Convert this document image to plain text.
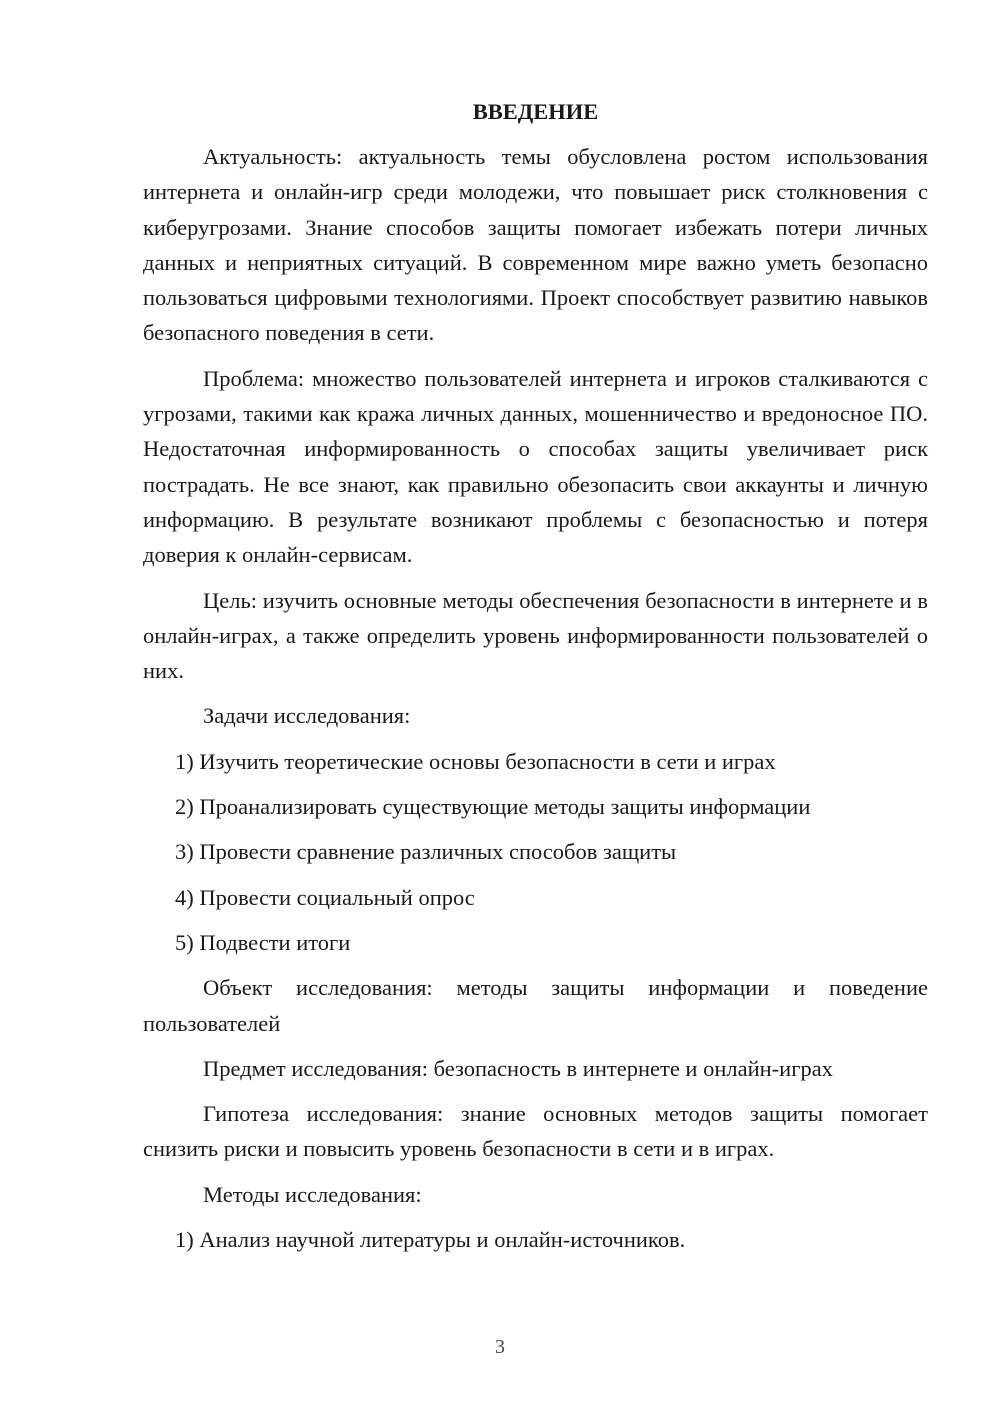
ВВЕДЕНИЕ

Актуальность: актуальность темы обусловлена ростом использования интернета и онлайн-игр среди молодежи, что повышает риск столкновения с киберугрозами. Знание способов защиты помогает избежать потери личных данных и неприятных ситуаций. В современном мире важно уметь безопасно пользоваться цифровыми технологиями. Проект способствует развитию навыков безопасного поведения в сети.

Проблема: множество пользователей интернета и игроков сталкиваются с угрозами, такими как кража личных данных, мошенничество и вредоносное ПО. Недостаточная информированность о способах защиты увеличивает риск пострадать. Не все знают, как правильно обезопасить свои аккаунты и личную информацию. В результате возникают проблемы с безопасностью и потеря доверия к онлайн-сервисам.

Цель: изучить основные методы обеспечения безопасности в интернете и в онлайн-играх, а также определить уровень информированности пользователей о них.

Задачи исследования:

1) Изучить теоретические основы безопасности в сети и играх
2) Проанализировать существующие методы защиты информации
3) Провести сравнение различных способов защиты
4) Провести социальный опрос
5) Подвести итоги

Объект исследования: методы защиты информации и поведение пользователей

Предмет исследования: безопасность в интернете и онлайн-играх

Гипотеза исследования: знание основных методов защиты помогает снизить риски и повысить уровень безопасности в сети и в играх.

Методы исследования:

1) Анализ научной литературы и онлайн-источников.
3
